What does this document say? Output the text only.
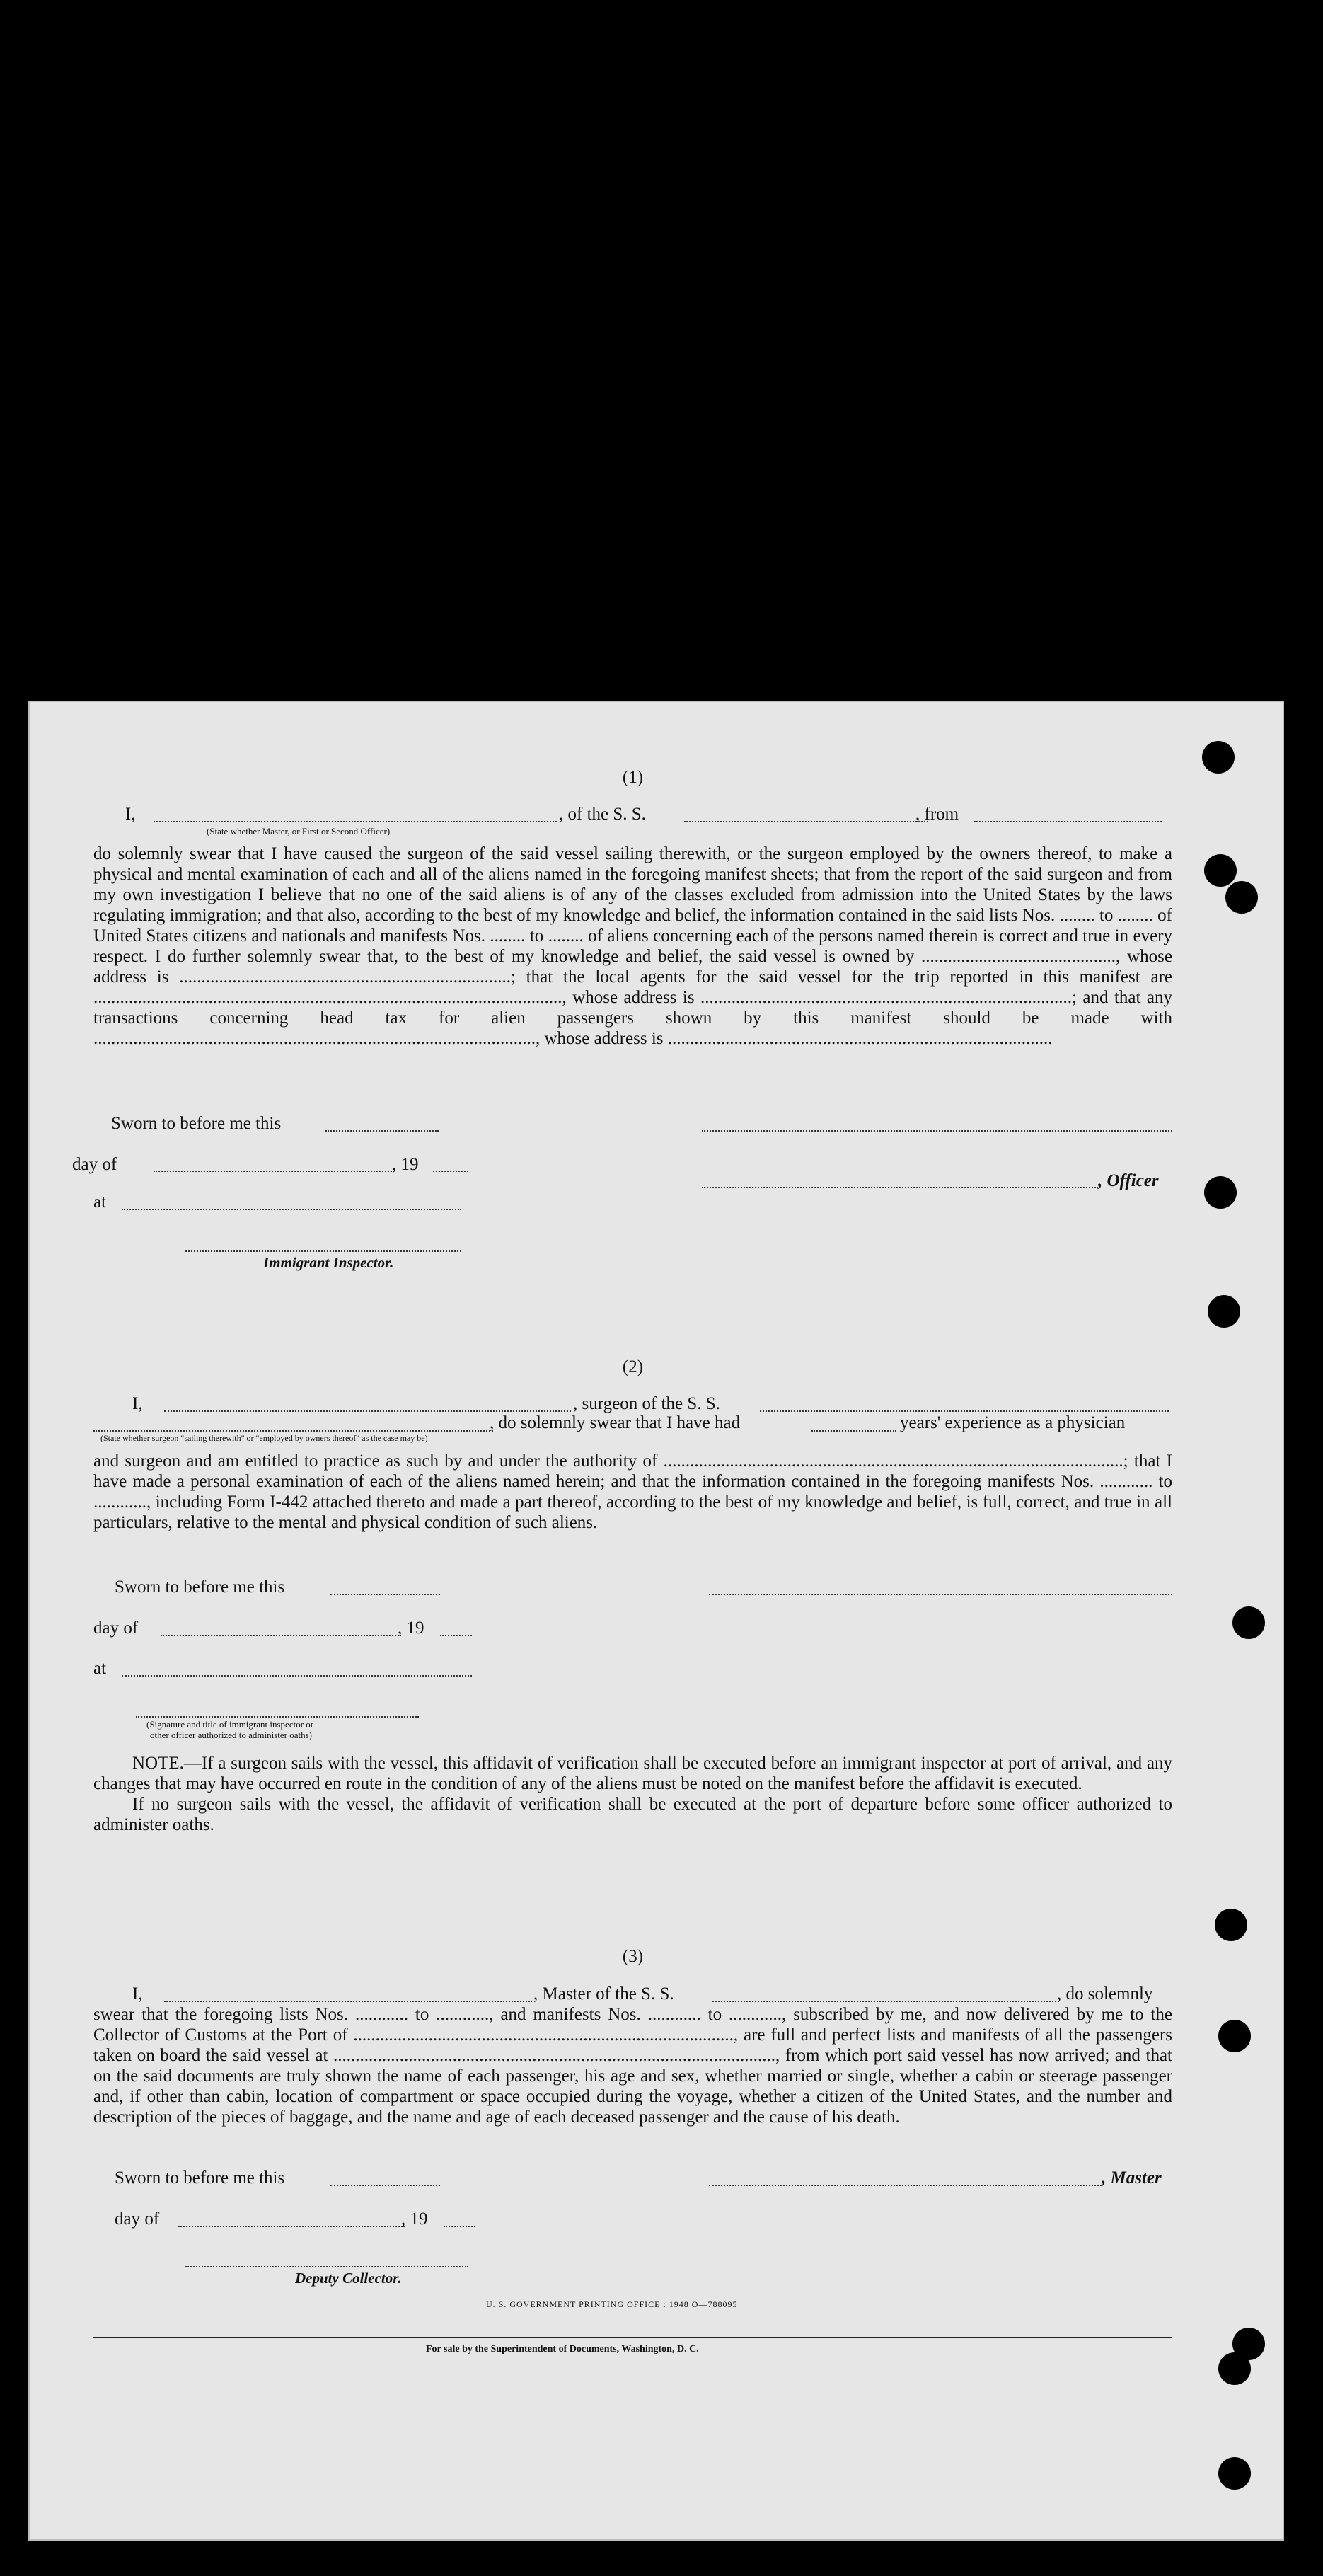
(1)
I,
(State whether Master, or First or Second Officer)
, of the S. S.	, from

do solemnly swear that I have caused the surgeon of the said vessel sailing therewith, or the surgeon employed by the owners thereof, to make a physical and mental examination of each and all of the aliens named in the foregoing manifest sheets; that from the report of the said surgeon and from my own investigation I believe that no one of the said aliens is of any of the classes excluded from admission into the United States by the laws regulating immigration; and that also, according to the best of my knowledge and belief, the information contained in the said lists Nos. ........ to ........ of United States citizens and nationals and manifests Nos. ........ to ........ of aliens concerning each of the persons named therein is correct and true in every respect. I do further solemnly swear that, to the best of my knowledge and belief, the said vessel is owned by ............................................, whose address is ...........................................................................; that the local agents for the said vessel for the trip reported in this manifest are .........................................................................................................., whose address is ....................................................................................; and that any transactions concerning head tax for alien passengers shown by this manifest should be made with ...................................................................................................., whose address is .......................................................................................

Sworn to before me this
day of	, 19
, Officer
at
Immigrant Inspector.
(2)
I,	, surgeon of the S. S.
(State whether surgeon "sailing therewith" or "employed by owners thereof" as the case may be)
, do solemnly swear that I have had	years' experience as a physician

and surgeon and am entitled to practice as such by and under the authority of ........................................................................................................; that I have made a personal examination of each of the aliens named herein; and that the information contained in the foregoing manifests Nos. ............ to ............, including Form I-442 attached thereto and made a part thereof, according to the best of my knowledge and belief, is full, correct, and true in all particulars, relative to the mental and physical condition of such aliens.

Sworn to before me this
day of	, 19
at
(Signature and title of immigrant inspector or
other officer authorized to administer oaths)

NOTE.—If a surgeon sails with the vessel, this affidavit of verification shall be executed before an immigrant inspector at port of arrival, and any changes that may have occurred en route in the condition of any of the aliens must be noted on the manifest before the affidavit is executed.

If no surgeon sails with the vessel, the affidavit of verification shall be executed at the port of departure before some officer authorized to administer oaths.

(3)
I,	, Master of the S. S.	, do solemnly

swear that the foregoing lists Nos. ............ to ............, and manifests Nos. ............ to ............, subscribed by me, and now delivered by me to the Collector of Customs at the Port of ......................................................................................, are full and perfect lists and manifests of all the passengers taken on board the said vessel at ...................................................................................................., from which port said vessel has now arrived; and that on the said documents are truly shown the name of each passenger, his age and sex, whether married or single, whether a cabin or steerage passenger and, if other than cabin, location of compartment or space occupied during the voyage, whether a citizen of the United States, and the number and description of the pieces of baggage, and the name and age of each deceased passenger and the cause of his death.

Sworn to before me this	, Master
day of	, 19
Deputy Collector.
U. S. GOVERNMENT PRINTING OFFICE : 1948 O—788095
For sale by the Superintendent of Documents, Washington, D. C.
